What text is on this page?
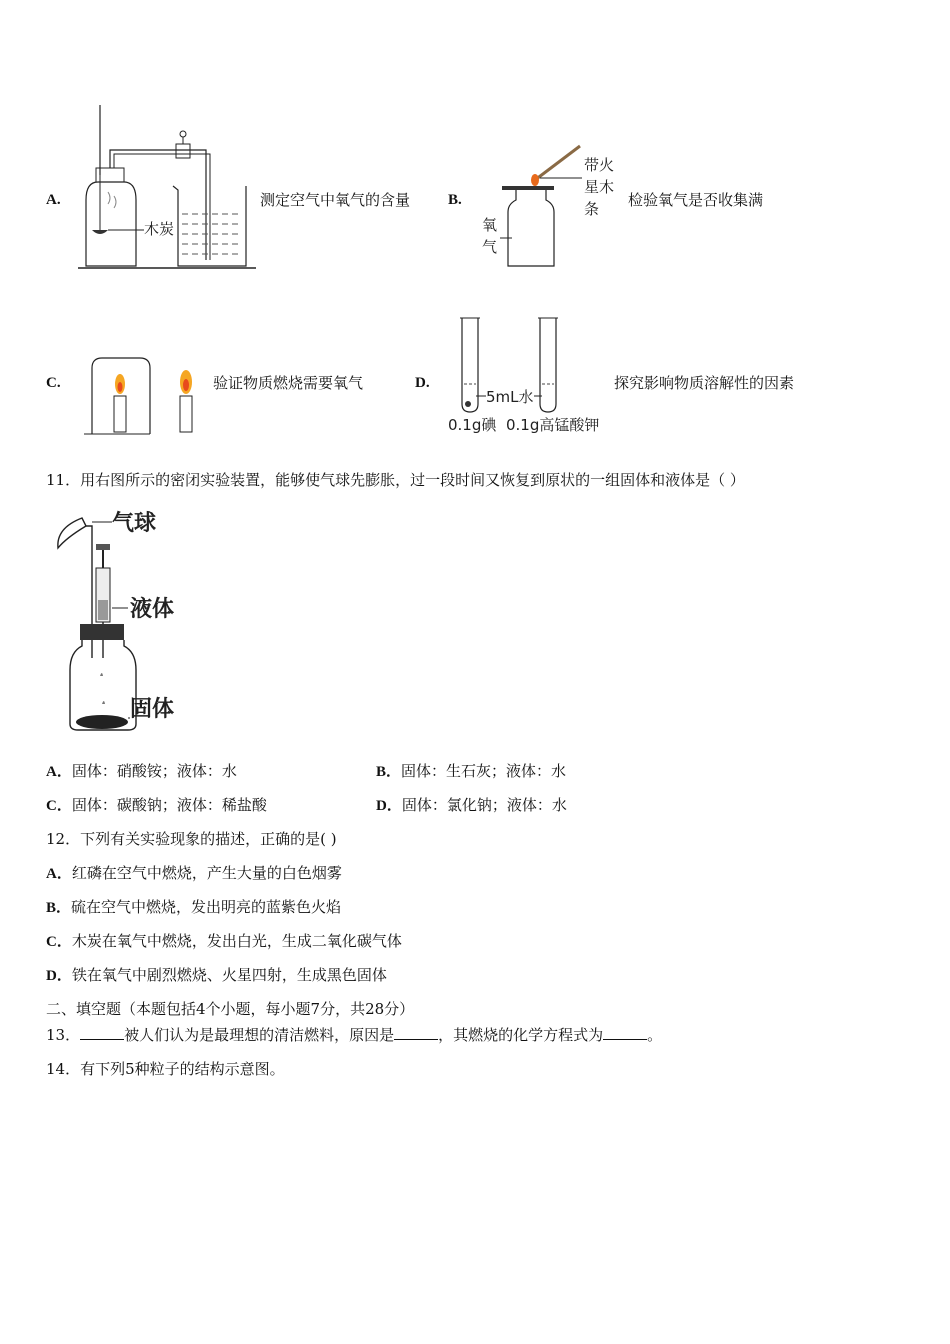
A.
木炭
测定空气中氧气的含量	B.
带火
星木
条
氧
气
检验氧气是否收集满
C.	验证物质燃烧需要氧气	D.
5mL水
0.1g碘 0.1g高锰酸钾
探究影响物质溶解性的因素
11．用右图所示的密闭实验装置，能够使气球先膨胀，过一段时间又恢复到原状的一组固体和液体是（ ）
气球
液体
固体
A．固体：硝酸铵；液体：水	B．固体：生石灰；液体：水
C．固体：碳酸钠；液体：稀盐酸	D．固体：氯化钠；液体：水
12．下列有关实验现象的描述，正确的是( )
A．红磷在空气中燃烧，产生大量的白色烟雾
B．硫在空气中燃烧，发出明亮的蓝紫色火焰
C．木炭在氧气中燃烧，发出白光，生成二氧化碳气体
D．铁在氧气中剧烈燃烧、火星四射，生成黑色固体
二、填空题（本题包括4个小题，每小题7分，共28分）
13．	被人们认为是最理想的清洁燃料，原因是	，其燃烧的化学方程式为	。
14．有下列5种粒子的结构示意图。
